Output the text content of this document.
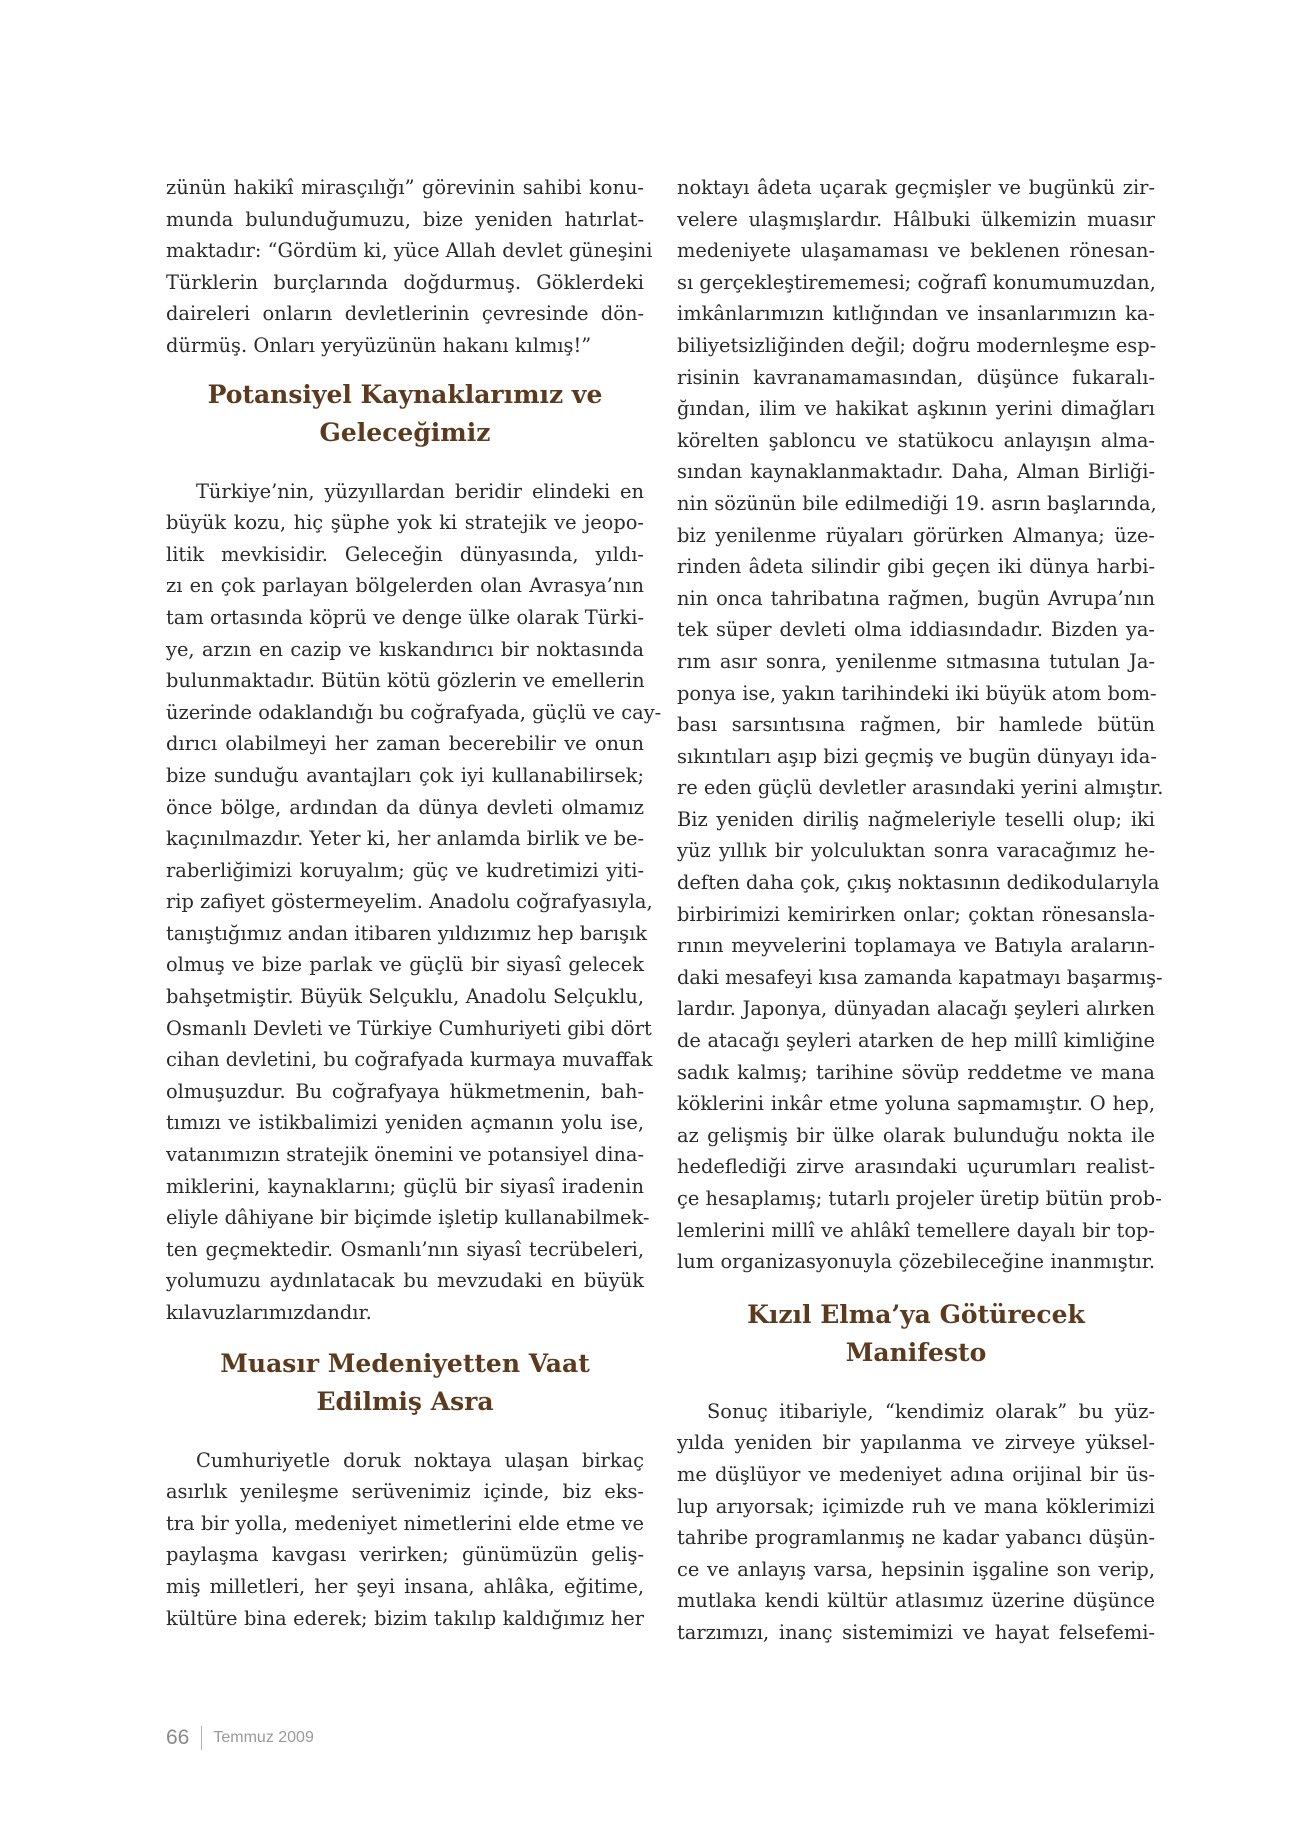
zünün hakikî mirasçılığı” görevinin sahibi konu-
munda bulunduğumuzu, bize yeniden hatırlat-
maktadır: “Gördüm ki, yüce Allah devlet güneşini
Türklerin burçlarında doğdurmuş. Göklerdeki
daireleri onların devletlerinin çevresinde dön-
dürmüş. Onları yeryüzünün hakanı kılmış!”
Potansiyel Kaynaklarımız ve
Geleceğimiz
Türkiye’nin, yüzyıllardan beridir elindeki en
büyük kozu, hiç şüphe yok ki stratejik ve jeopo-
litik mevkisidir. Geleceğin dünyasında, yıldı-
zı en çok parlayan bölgelerden olan Avrasya’nın
tam ortasında köprü ve denge ülke olarak Türki-
ye, arzın en cazip ve kıskandırıcı bir noktasında
bulunmaktadır. Bütün kötü gözlerin ve emellerin
üzerinde odaklandığı bu coğrafyada, güçlü ve cay-
dırıcı olabilmeyi her zaman becerebilir ve onun
bize sunduğu avantajları çok iyi kullanabilirsek;
önce bölge, ardından da dünya devleti olmamız
kaçınılmazdır. Yeter ki, her anlamda birlik ve be-
raberliğimizi koruyalım; güç ve kudretimizi yiti-
rip zafiyet göstermeyelim. Anadolu coğrafyasıyla,
tanıştığımız andan itibaren yıldızımız hep barışık
olmuş ve bize parlak ve güçlü bir siyasî gelecek
bahşetmiştir. Büyük Selçuklu, Anadolu Selçuklu,
Osmanlı Devleti ve Türkiye Cumhuriyeti gibi dört
cihan devletini, bu coğrafyada kurmaya muvaffak
olmuşuzdur. Bu coğrafyaya hükmetmenin, bah-
tımızı ve istikbalimizi yeniden açmanın yolu ise,
vatanımızın stratejik önemini ve potansiyel dina-
miklerini, kaynaklarını; güçlü bir siyasî iradenin
eliyle dâhiyane bir biçimde işletip kullanabilmek-
ten geçmektedir. Osmanlı’nın siyasî tecrübeleri,
yolumuzu aydınlatacak bu mevzudaki en büyük
kılavuzlarımızdandır.
Muasır Medeniyetten Vaat
Edilmiş Asra
Cumhuriyetle doruk noktaya ulaşan birkaç
asırlık yenileşme serüvenimiz içinde, biz eks-
tra bir yolla, medeniyet nimetlerini elde etme ve
paylaşma kavgası verirken; günümüzün geliş-
miş milletleri, her şeyi insana, ahlâka, eğitime,
kültüre bina ederek; bizim takılıp kaldığımız her
noktayı âdeta uçarak geçmişler ve bugünkü zir-
velere ulaşmışlardır. Hâlbuki ülkemizin muasır
medeniyete ulaşamaması ve beklenen rönesan-
sı gerçekleştirememesi; coğrafî konumumuzdan,
imkânlarımızın kıtlığından ve insanlarımızın ka-
biliyetsizliğinden değil; doğru modernleşme esp-
risinin kavranamamasından, düşünce fukaralı-
ğından, ilim ve hakikat aşkının yerini dimağları
körelten şabloncu ve statükocu anlayışın alma-
sından kaynaklanmaktadır. Daha, Alman Birliği-
nin sözünün bile edilmediği 19. asrın başlarında,
biz yenilenme rüyaları görürken Almanya; üze-
rinden âdeta silindir gibi geçen iki dünya harbi-
nin onca tahribatına rağmen, bugün Avrupa’nın
tek süper devleti olma iddiasındadır. Bizden ya-
rım asır sonra, yenilenme sıtmasına tutulan Ja-
ponya ise, yakın tarihindeki iki büyük atom bom-
bası sarsıntısına rağmen, bir hamlede bütün
sıkıntıları aşıp bizi geçmiş ve bugün dünyayı ida-
re eden güçlü devletler arasındaki yerini almıştır.
Biz yeniden diriliş nağmeleriyle teselli olup; iki
yüz yıllık bir yolculuktan sonra varacağımız he-
deften daha çok, çıkış noktasının dedikodularıyla
birbirimizi kemirirken onlar; çoktan rönesansla-
rının meyvelerini toplamaya ve Batıyla araların-
daki mesafeyi kısa zamanda kapatmayı başarmış-
lardır. Japonya, dünyadan alacağı şeyleri alırken
de atacağı şeyleri atarken de hep millî kimliğine
sadık kalmış; tarihine sövüp reddetme ve mana
köklerini inkâr etme yoluna sapmamıştır. O hep,
az gelişmiş bir ülke olarak bulunduğu nokta ile
hedeflediği zirve arasındaki uçurumları realist-
çe hesaplamış; tutarlı projeler üretip bütün prob-
lemlerini millî ve ahlâkî temellere dayalı bir top-
lum organizasyonuyla çözebileceğine inanmıştır.
Kızıl Elma’ya Götürecek
Manifesto
Sonuç itibariyle, “kendimiz olarak” bu yüz-
yılda yeniden bir yapılanma ve zirveye yüksel-
me düşlüyor ve medeniyet adına orijinal bir üs-
lup arıyorsak; içimizde ruh ve mana köklerimizi
tahribe programlanmış ne kadar yabancı düşün-
ce ve anlayış varsa, hepsinin işgaline son verip,
mutlaka kendi kültür atlasımız üzerine düşünce
tarzımızı, inanç sistemimizi ve hayat felsefemi-
66 Temmuz 2009
